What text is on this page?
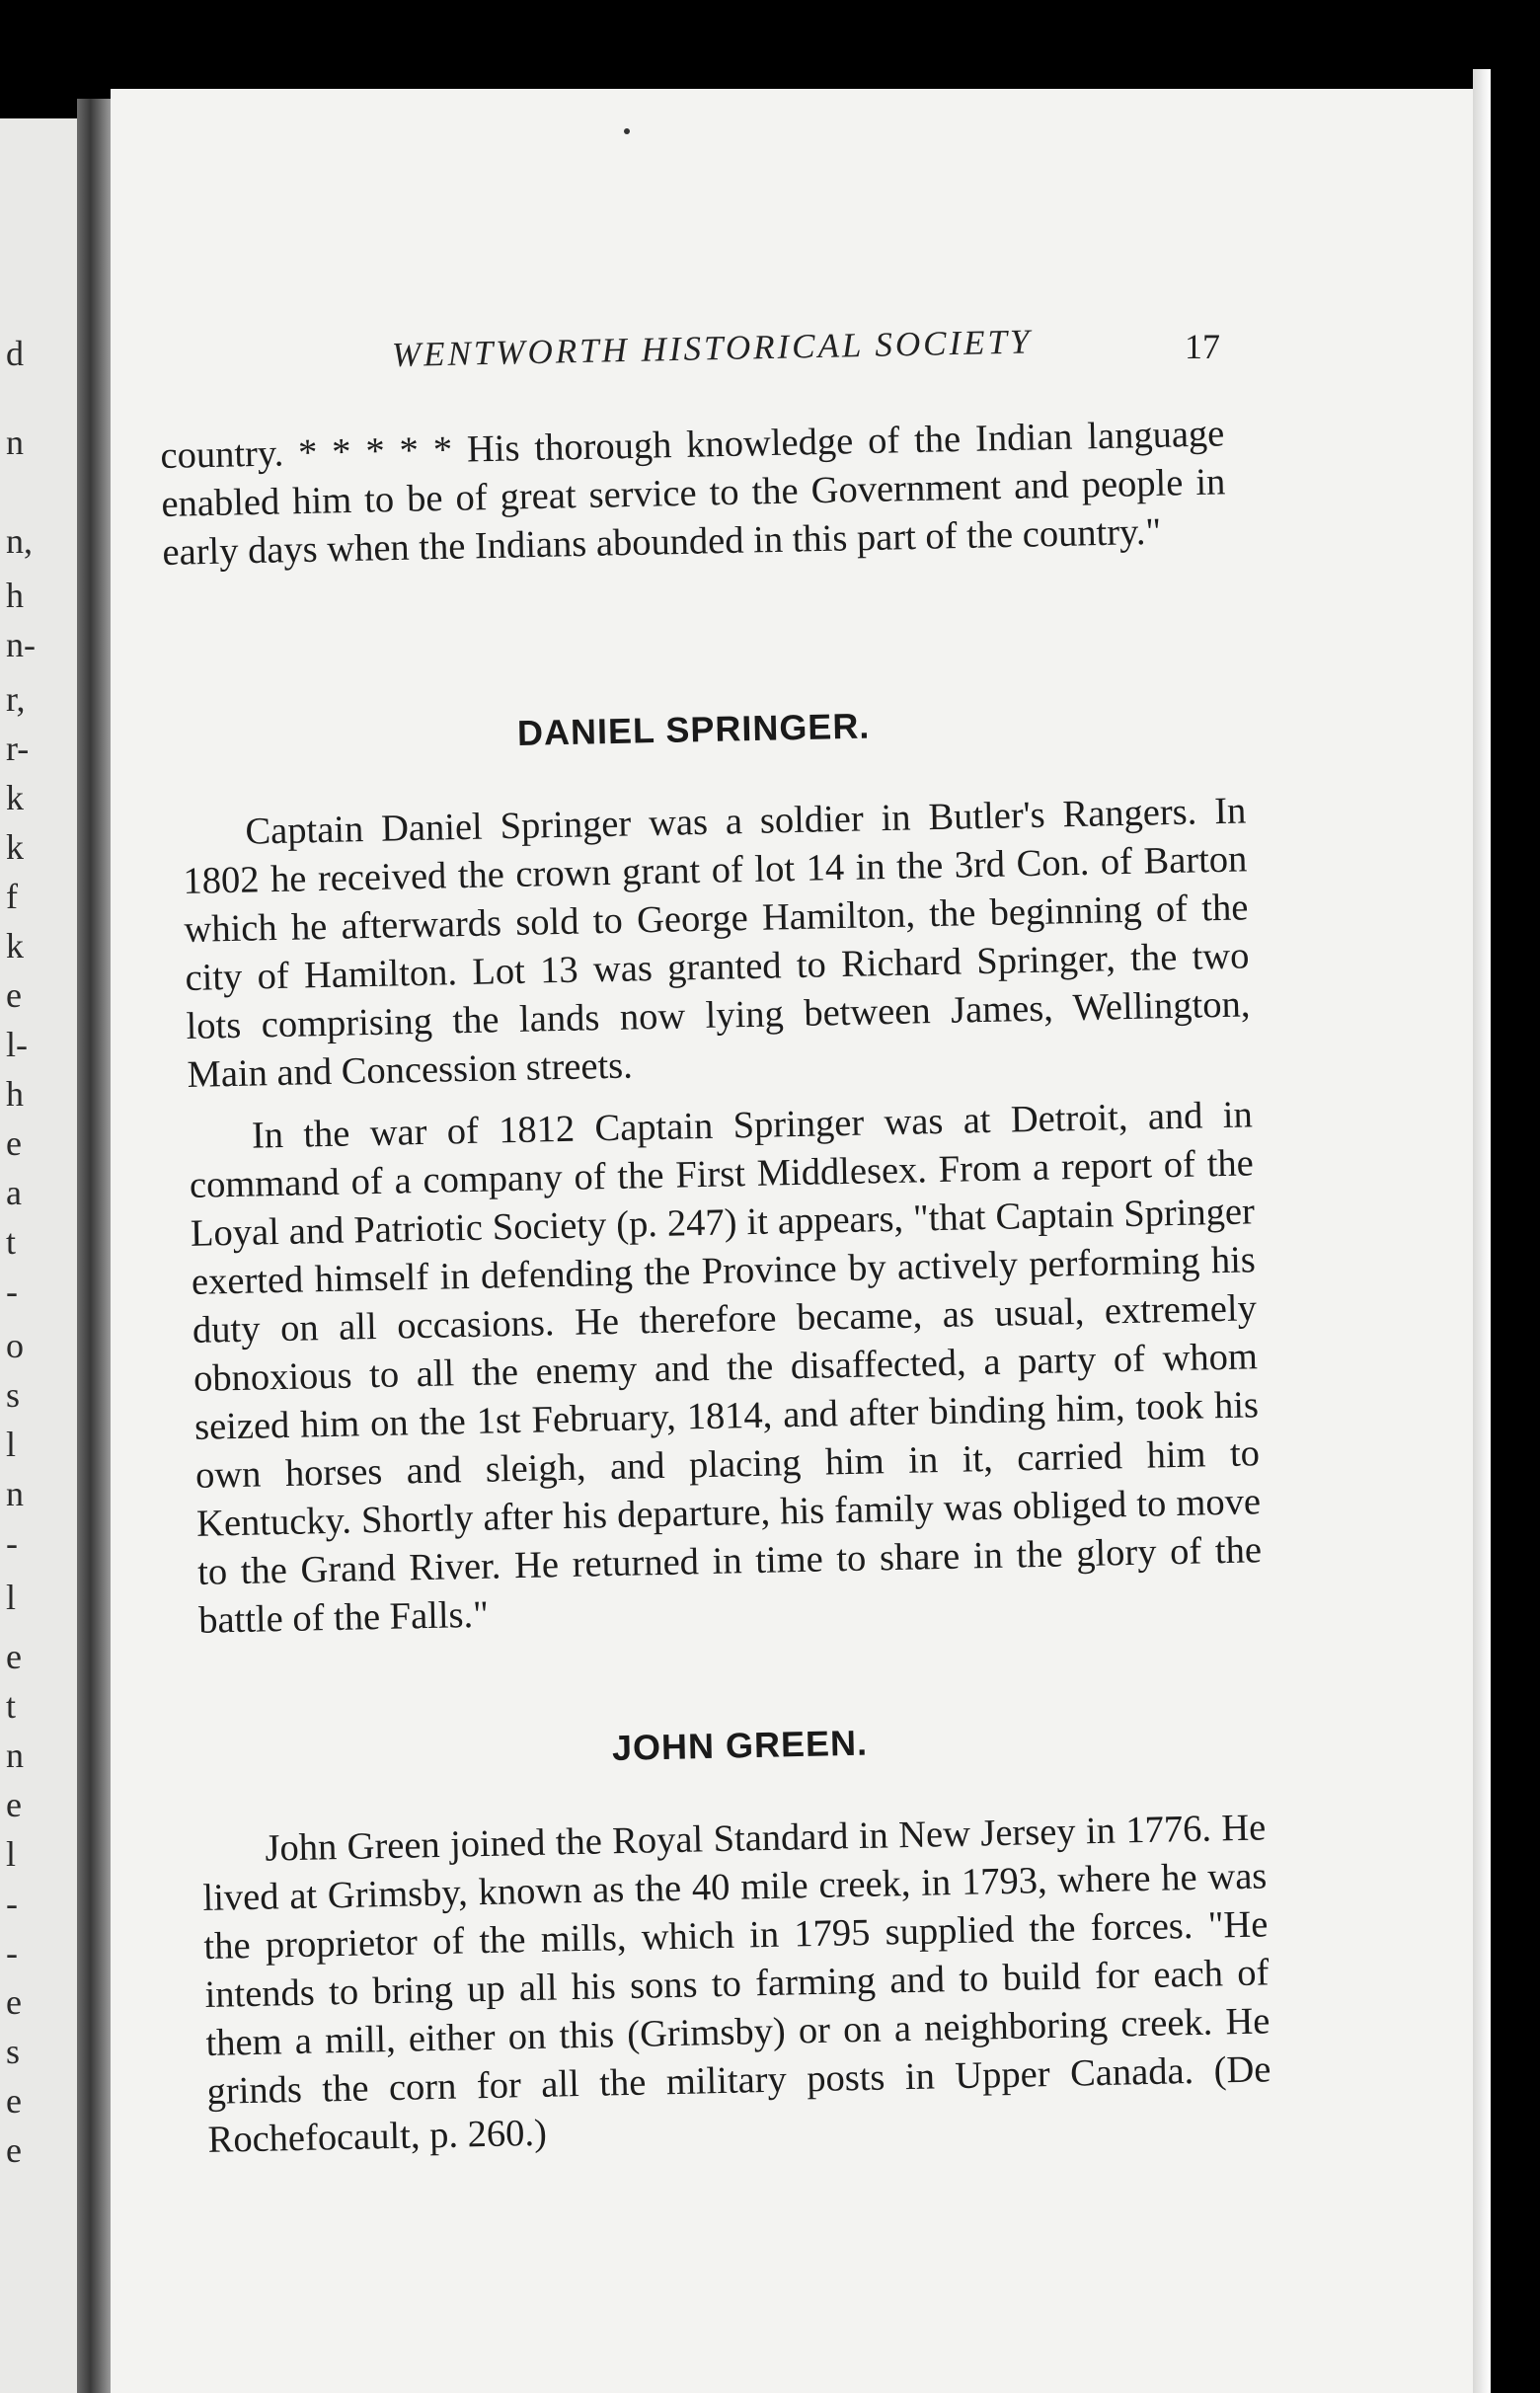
d
n
n,
h
n-
r,
r-
k
k
f
k
e
l-
h
e
a
t
-
o
s
l
n
-
l
e
t
n
e
l
-
-
e
s
e
e
WENTWORTH HISTORICAL SOCIETY	17

country. * * * * * His thorough knowledge of the Indian language enabled him to be of great service to the Government and people in early days when the Indians abounded in this part of the country."

DANIEL SPRINGER.

Captain Daniel Springer was a soldier in Butler's Rangers. In 1802 he received the crown grant of lot 14 in the 3rd Con. of Barton which he afterwards sold to George Hamilton, the beginning of the city of Hamilton. Lot 13 was granted to Richard Springer, the two lots comprising the lands now lying between James, Wellington, Main and Concession streets.

In the war of 1812 Captain Springer was at Detroit, and in command of a company of the First Middlesex. From a report of the Loyal and Patriotic Society (p. 247) it appears, "that Captain Springer exerted himself in defending the Province by actively performing his duty on all occasions. He therefore became, as usual, extremely obnoxious to all the enemy and the disaffected, a party of whom seized him on the 1st February, 1814, and after binding him, took his own horses and sleigh, and placing him in it, carried him to Kentucky. Shortly after his departure, his family was obliged to move to the Grand River. He returned in time to share in the glory of the battle of the Falls."

JOHN GREEN.

John Green joined the Royal Standard in New Jersey in 1776. He lived at Grimsby, known as the 40 mile creek, in 1793, where he was the proprietor of the mills, which in 1795 supplied the forces. "He intends to bring up all his sons to farming and to build for each of them a mill, either on this (Grimsby) or on a neighboring creek. He grinds the corn for all the military posts in Upper Canada. (De Rochefocault, p. 260.)
